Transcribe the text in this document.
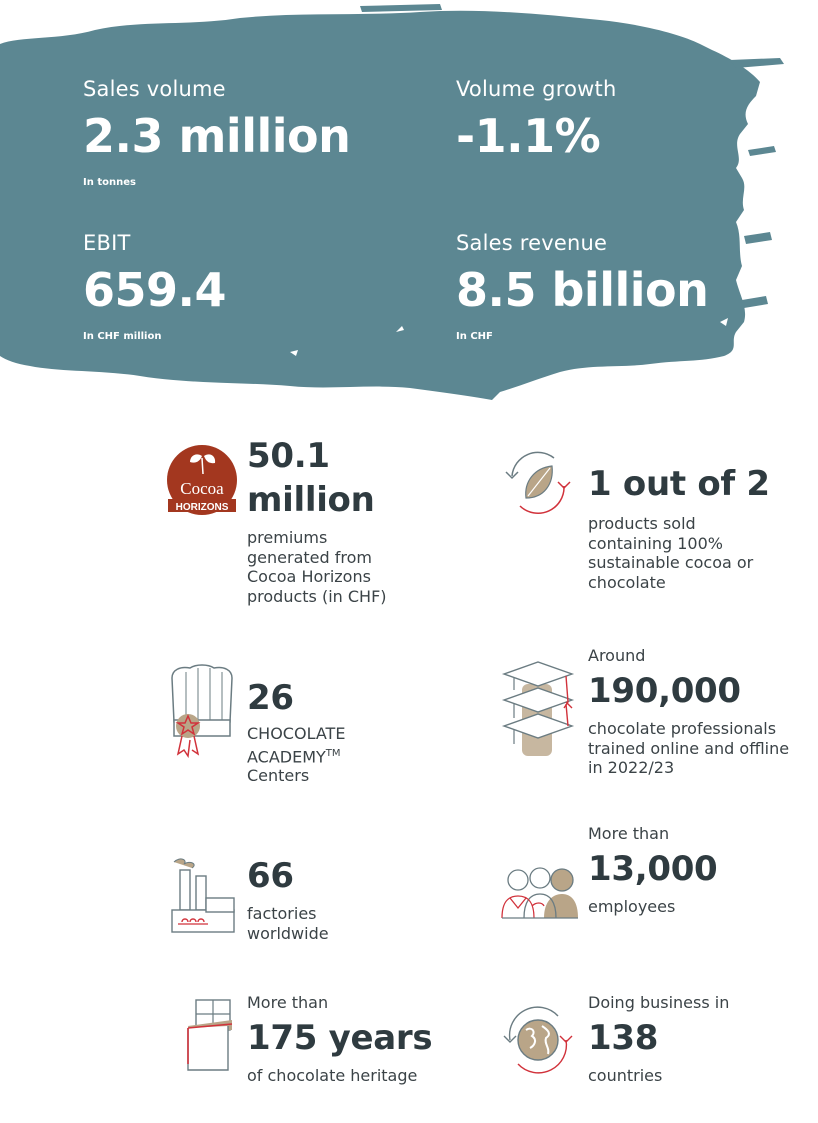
Sales volume
2.3 million
In tonnes
Volume growth
-1.1%
EBIT
659.4
In CHF million
Sales revenue
8.5 billion
In CHF
Cocoa
HORIZONS
50.1
million
premiums
generated from
Cocoa Horizons
products (in CHF)
1 out of 2
products sold
containing 100%
sustainable cocoa or
chocolate
26
CHOCOLATE
ACADEMY™
Centers
Around
190,000
chocolate professionals
trained online and offline
in 2022/23
66
factories
worldwide
More than
13,000
employees
More than
175 years
of chocolate heritage
Doing business in
138
countries
